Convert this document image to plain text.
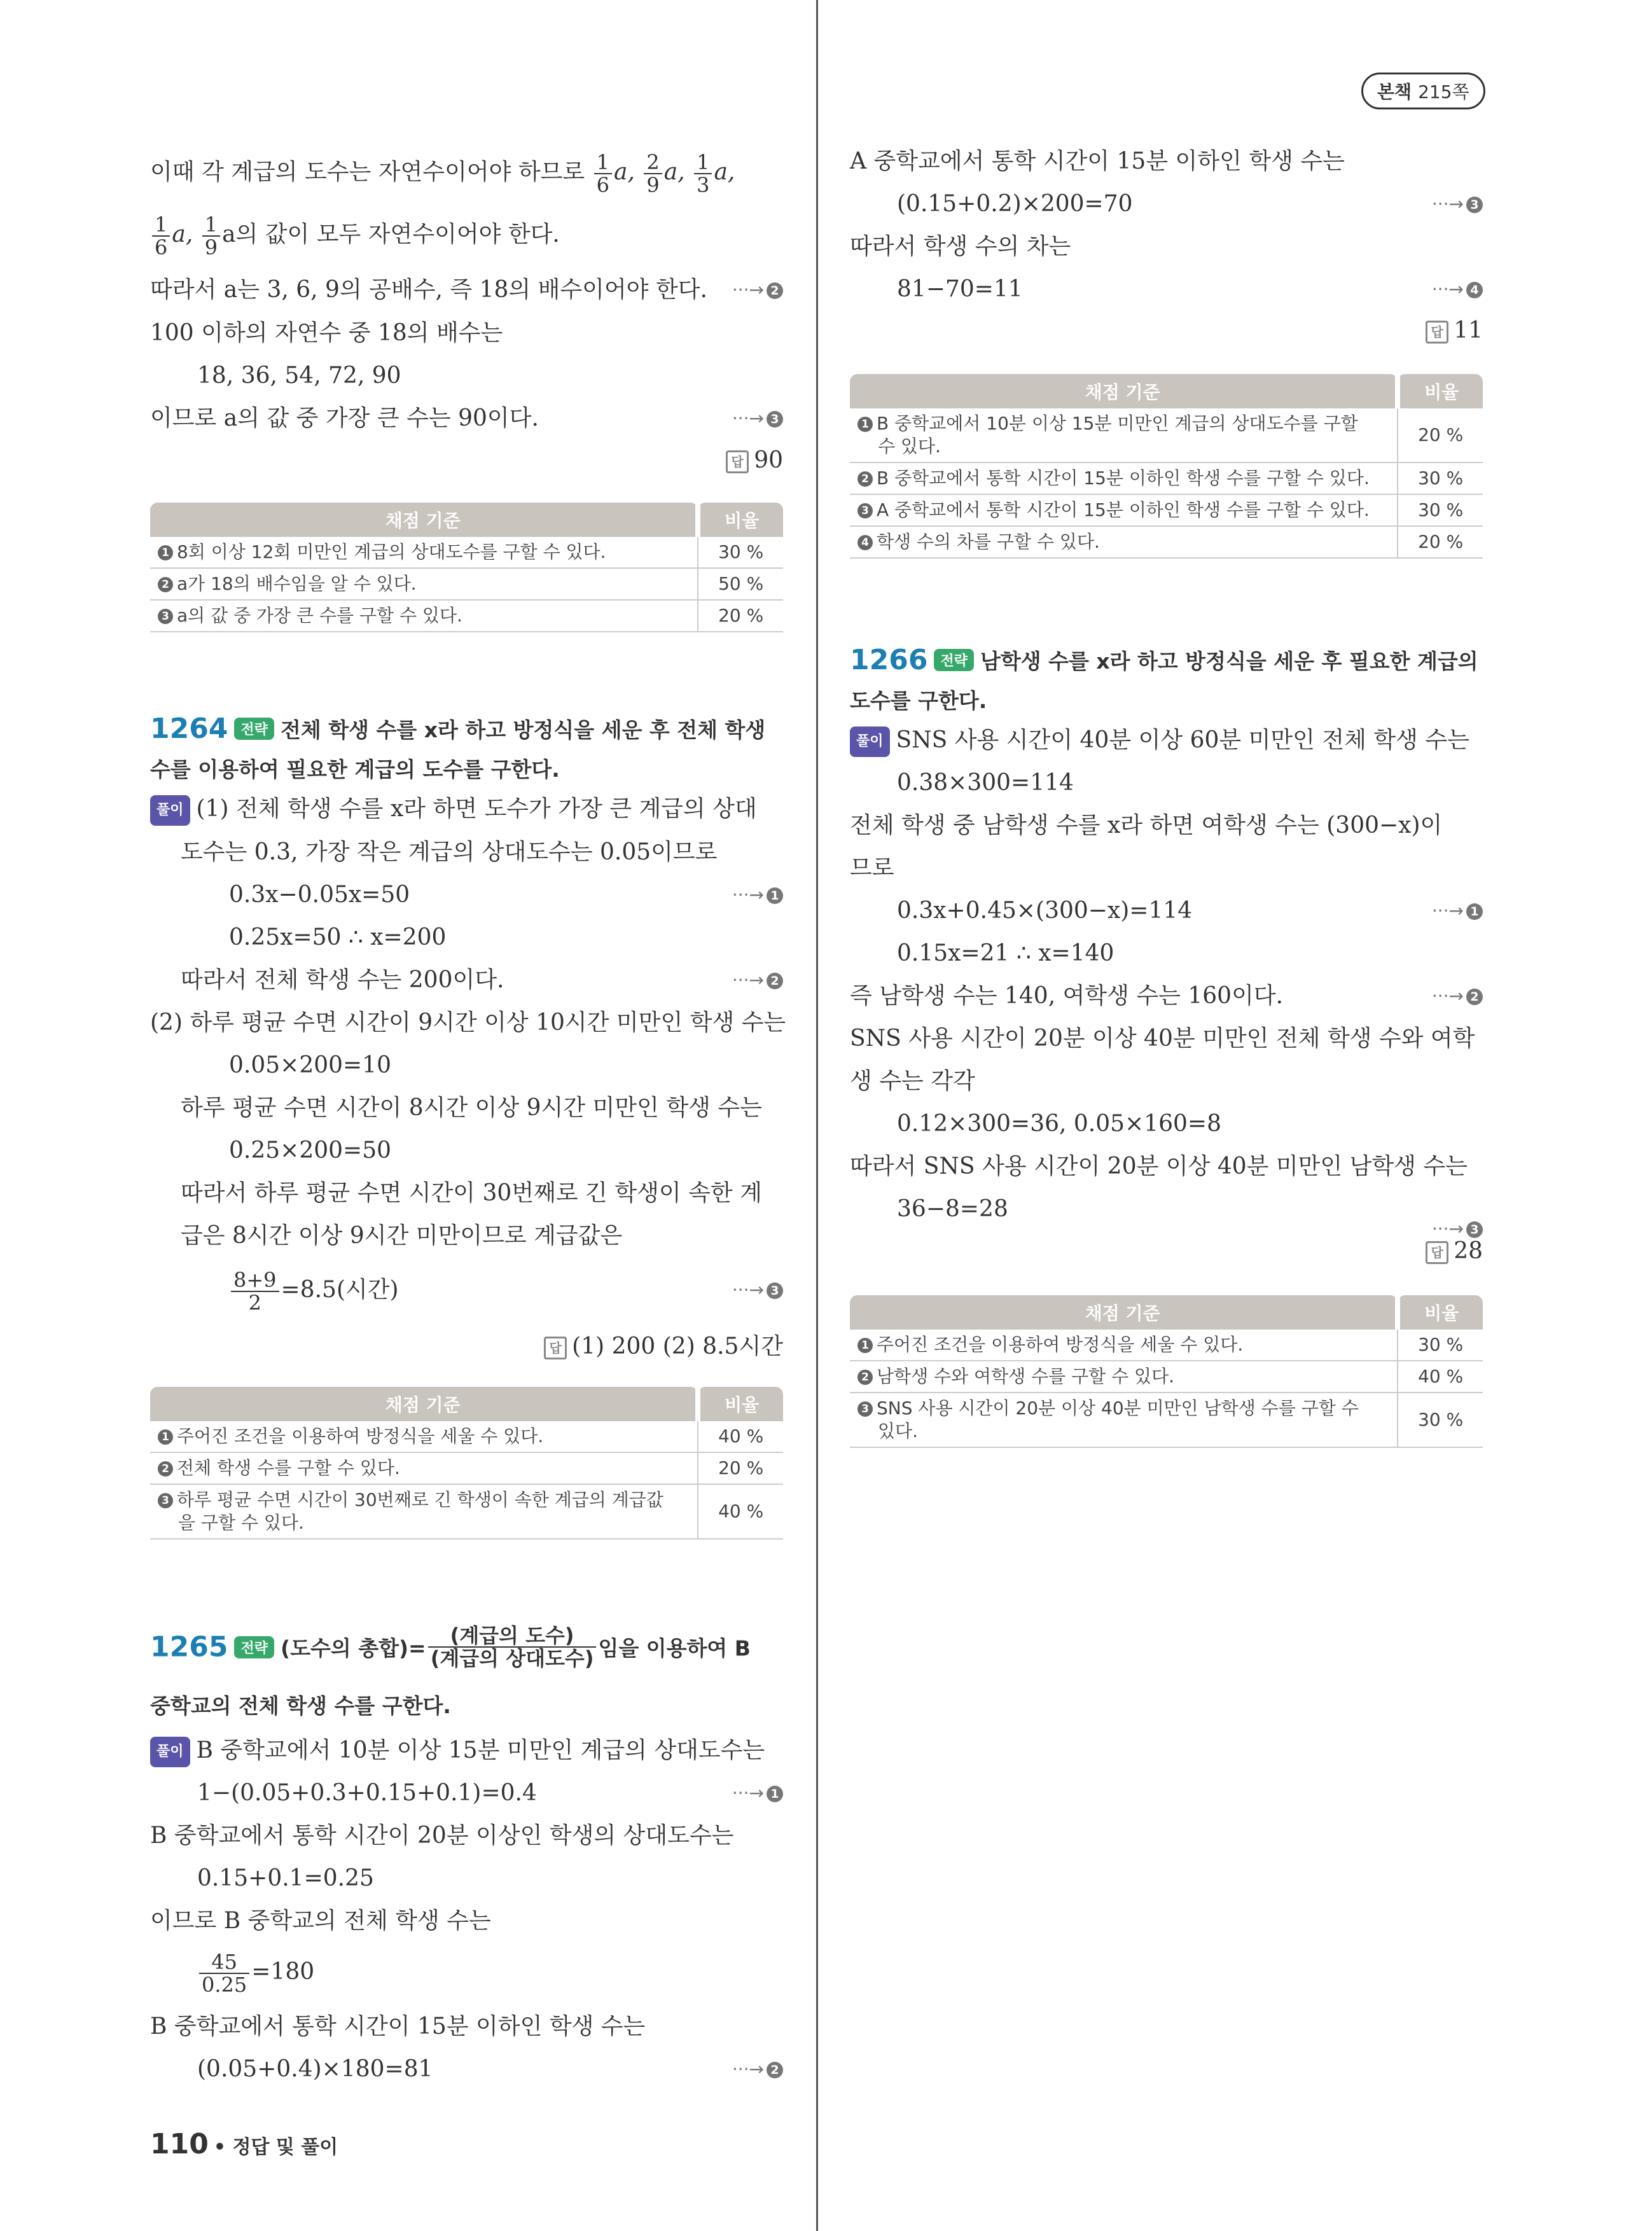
본책 215쪽
이때 각 계급의 도수는 자연수이어야 하므로 $\frac{1}{6} a$, $\frac{2}{9} a$, $\frac{1}{3} a$,
$\frac{1}{6} a$, $\frac{1}{9}$ a의 값이 모두 자연수이어야 한다.
따라서 a는 3, 6, 9의 공배수, 즉 18의 배수이어야 한다. ···→ 2
100 이하의 자연수 중 18의 배수는
18, 36, 54, 72, 90
이므로 a의 값 중 가장 큰 수는 90이다.	···→ 3
답 90
채점 기준	비율
1 8회 이상 12회 미만인 계급의 상대도수를 구할 수 있다.	30 %
2 a가 18의 배수임을 알 수 있다.	50 %
3 a의 값 중 가장 큰 수를 구할 수 있다.	20 %
1264 전략 전체 학생 수를 x라 하고 방정식을 세운 후 전체 학생
수를 이용하여 필요한 계급의 도수를 구한다.
풀이 (1) 전체 학생 수를 x라 하면 도수가 가장 큰 계급의 상대
도수는 0.3, 가장 작은 계급의 상대도수는 0.05이므로
0.3x−0.05x=50	···→ 1
0.25x=50 ∴ x=200
따라서 전체 학생 수는 200이다.	···→ 2
(2) 하루 평균 수면 시간이 9시간 이상 10시간 미만인 학생 수는
0.05×200=10
하루 평균 수면 시간이 8시간 이상 9시간 미만인 학생 수는
0.25×200=50
따라서 하루 평균 수면 시간이 30번째로 긴 학생이 속한 계
급은 8시간 이상 9시간 미만이므로 계급값은
$\frac{8+9}{2} =8.5$(시간)	···→ 3
답 (1) 200 (2) 8.5시간
채점 기준	비율
1 주어진 조건을 이용하여 방정식을 세울 수 있다.	40 %
2 전체 학생 수를 구할 수 있다.	20 %
3 하루 평균 수면 시간이 30번째로 긴 학생이 속한 계급의 계급값
을 구할 수 있다.	40 %
1265 전략 (도수의 총합)= $\frac{\text{(계급의 도수)}}{\text{(계급의 상대도수)}}$ 임을 이용하여 B
중학교의 전체 학생 수를 구한다.
풀이 B 중학교에서 10분 이상 15분 미만인 계급의 상대도수는
1−(0.05+0.3+0.15+0.1)=0.4	···→ 1
B 중학교에서 통학 시간이 20분 이상인 학생의 상대도수는
0.15+0.1=0.25
이므로 B 중학교의 전체 학생 수는
$\frac{45}{0.25} =180$
B 중학교에서 통학 시간이 15분 이하인 학생 수는
(0.05+0.4)×180=81	···→ 2
A 중학교에서 통학 시간이 15분 이하인 학생 수는
(0.15+0.2)×200=70	···→ 3
따라서 학생 수의 차는
81−70=11	···→ 4
답 11
채점 기준	비율
1 B 중학교에서 10분 이상 15분 미만인 계급의 상대도수를 구할
수 있다.	20 %
2 B 중학교에서 통학 시간이 15분 이하인 학생 수를 구할 수 있다.	30 %
3 A 중학교에서 통학 시간이 15분 이하인 학생 수를 구할 수 있다.	30 %
4 학생 수의 차를 구할 수 있다.	20 %
1266 전략 남학생 수를 x라 하고 방정식을 세운 후 필요한 계급의
도수를 구한다.
풀이 SNS 사용 시간이 40분 이상 60분 미만인 전체 학생 수는
0.38×300=114
전체 학생 중 남학생 수를 x라 하면 여학생 수는 (300−x)이
므로
0.3x+0.45×(300−x)=114	···→ 1
0.15x=21 ∴ x=140
즉 남학생 수는 140, 여학생 수는 160이다.	···→ 2
SNS 사용 시간이 20분 이상 40분 미만인 전체 학생 수와 여학
생 수는 각각
0.12×300=36, 0.05×160=8
따라서 SNS 사용 시간이 20분 이상 40분 미만인 남학생 수는
36−8=28
···→ 3
답 28
채점 기준	비율
1 주어진 조건을 이용하여 방정식을 세울 수 있다.	30 %
2 남학생 수와 여학생 수를 구할 수 있다.	40 %
3 SNS 사용 시간이 20분 이상 40분 미만인 남학생 수를 구할 수
있다.	30 %
110 • 정답 및 풀이
